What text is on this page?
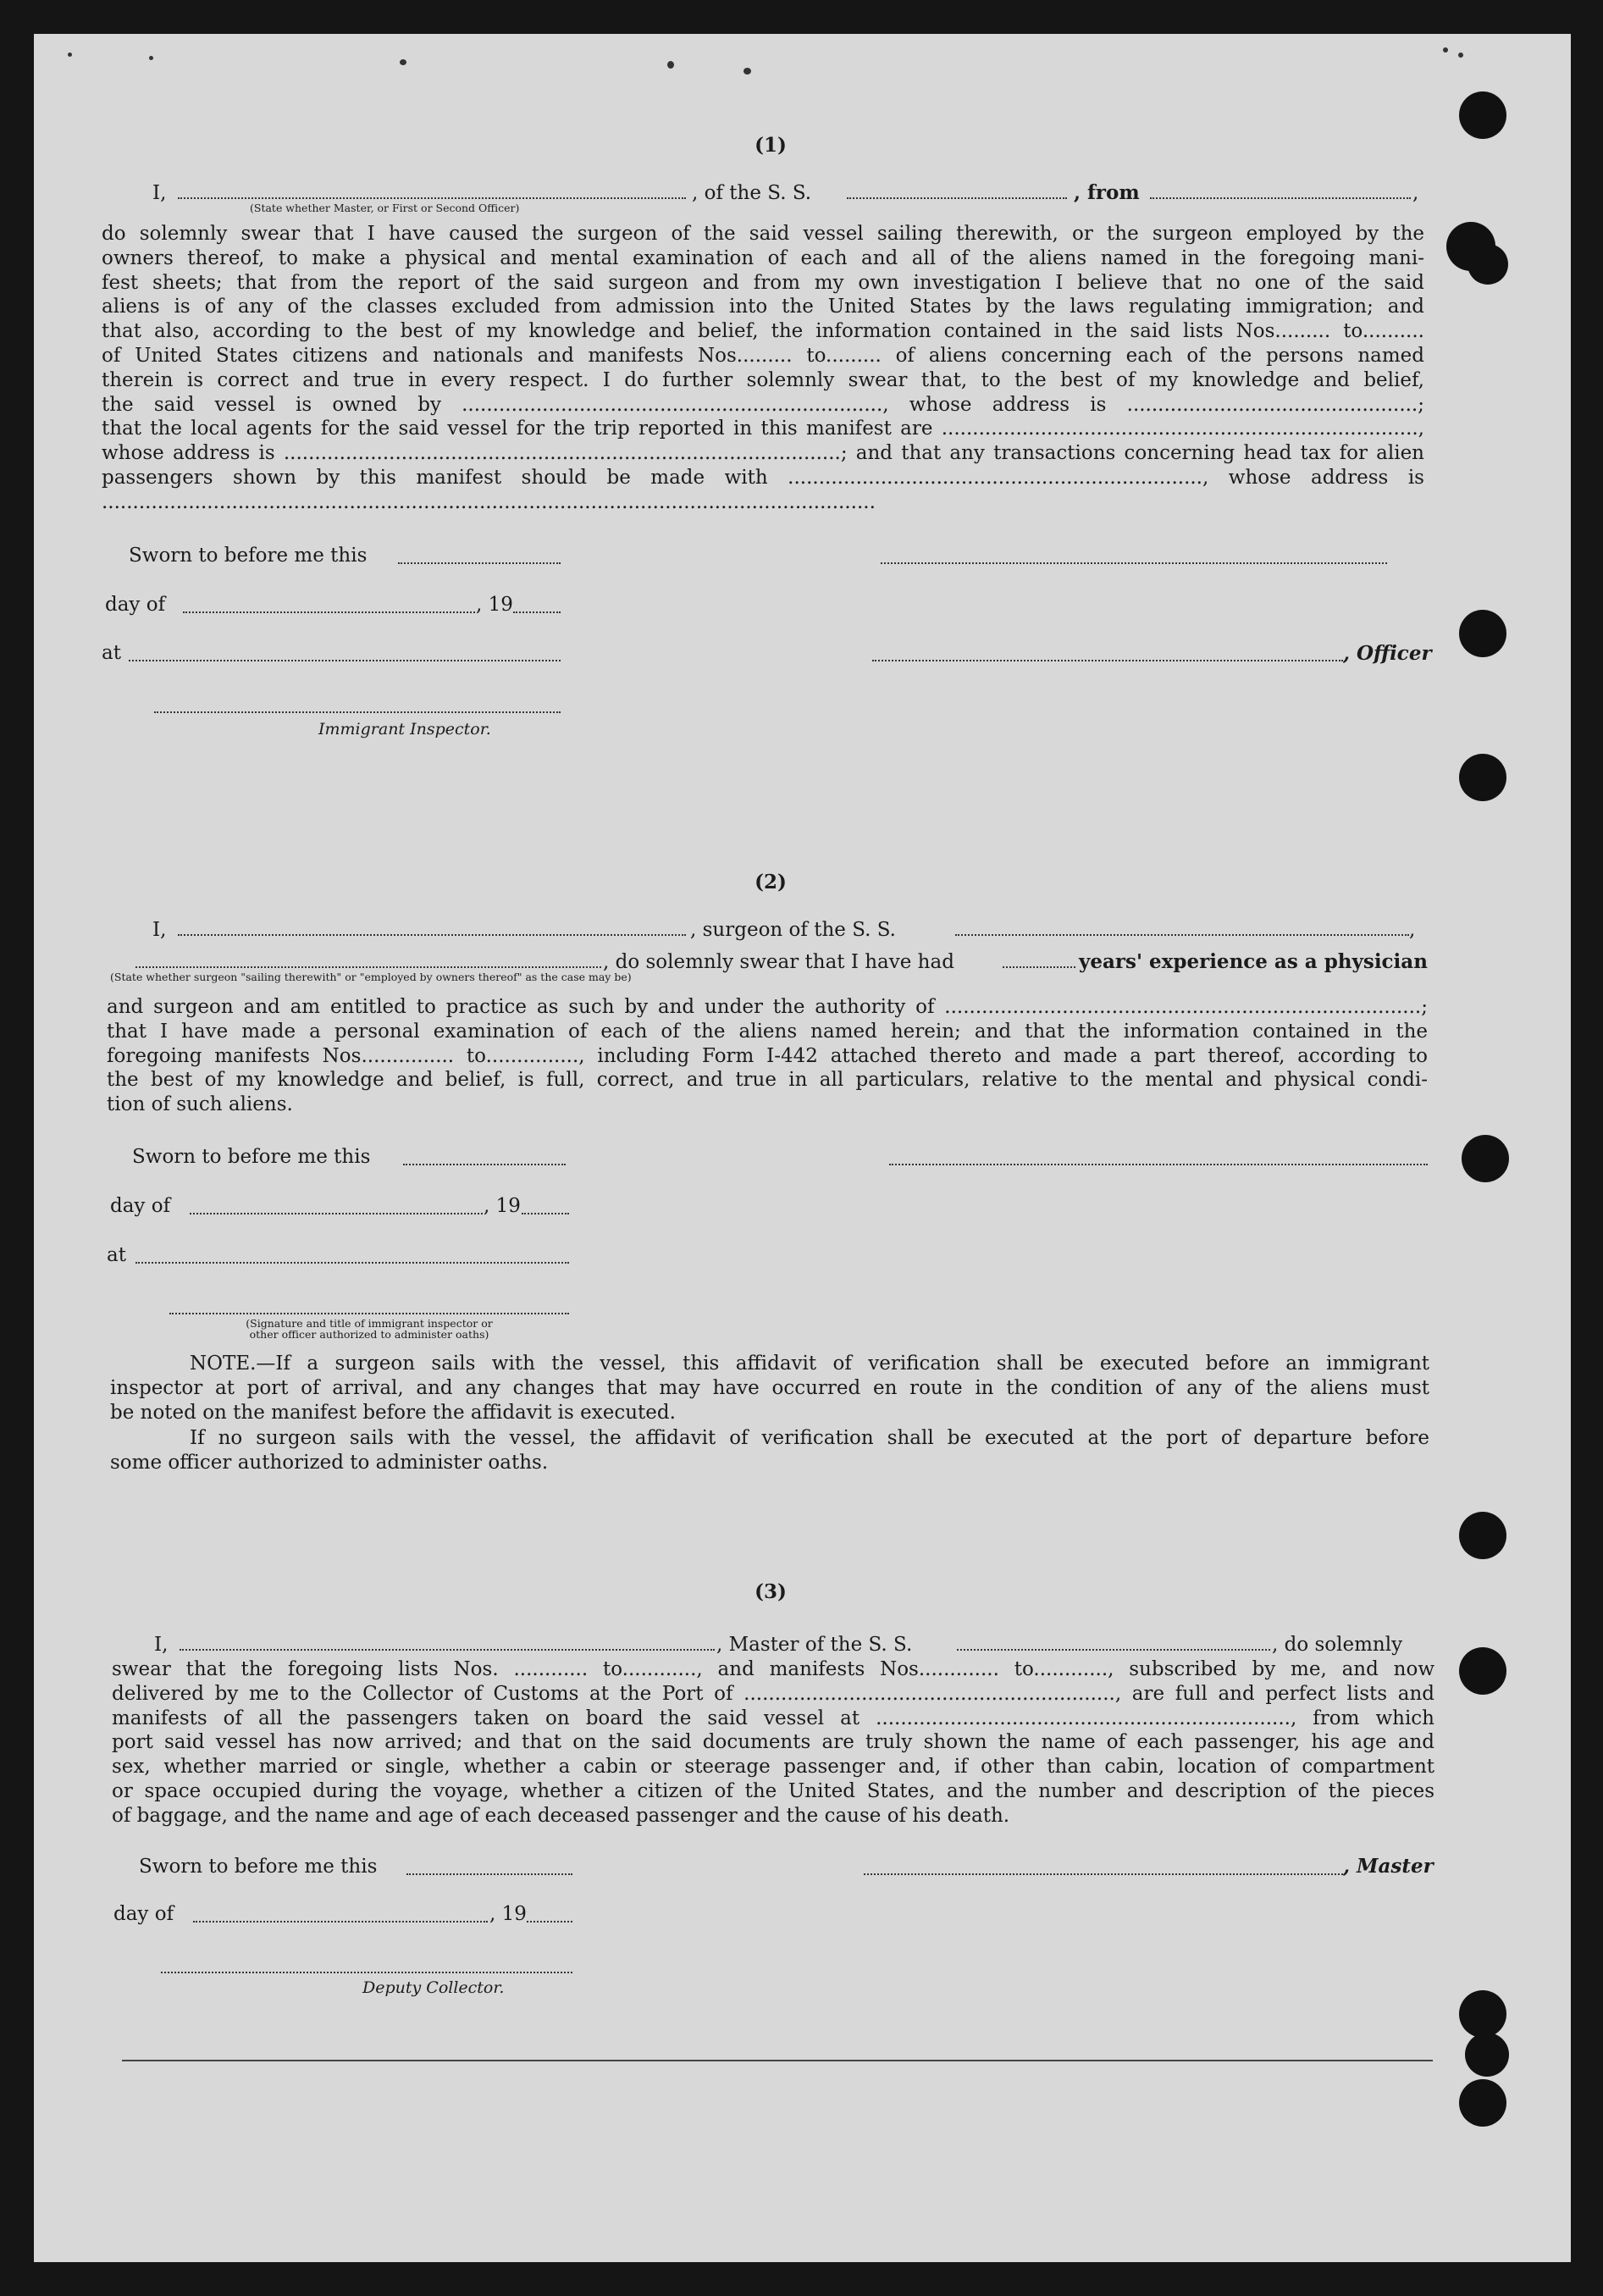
(1)
I,	, of the S. S.	, from	,
(State whether Master, or First or Second Officer)
do solemnly swear that I have caused the surgeon of the said vessel sailing therewith, or the surgeon employed by the
owners thereof, to make a physical and mental examination of each and all of the aliens named in the foregoing mani-
fest sheets; that from the report of the said surgeon and from my own investigation I believe that no one of the said
aliens is of any of the classes excluded from admission into the United States by the laws regulating immigration; and
that also, according to the best of my knowledge and belief, the information contained in the said lists Nos......... to..........
of United States citizens and nationals and manifests Nos......... to......... of aliens concerning each of the persons named
therein is correct and true in every respect. I do further solemnly swear that, to the best of my knowledge and belief,
the said vessel is owned by ...................................................................., whose address is ...............................................;
that the local agents for the said vessel for the trip reported in this manifest are .............................................................................,
whose address is ..........................................................................................; and that any transactions concerning head tax for alien
passengers shown by this manifest should be made with ..................................................................., whose address is
.............................................................................................................................
Sworn to before me this
day of	, 19
at	, Officer
Immigrant Inspector.
(2)
I,	, surgeon of the S. S.	,
, do solemnly swear that I have had	years' experience as a physician
(State whether surgeon "sailing therewith" or "employed by owners thereof" as the case may be)
and surgeon and am entitled to practice as such by and under the authority of .............................................................................;
that I have made a personal examination of each of the aliens named herein; and that the information contained in the
foregoing manifests Nos............... to..............., including Form I-442 attached thereto and made a part thereof, according to
the best of my knowledge and belief, is full, correct, and true in all particulars, relative to the mental and physical condi-
tion of such aliens.
Sworn to before me this
day of	, 19
at
(Signature and title of immigrant inspector or
other officer authorized to administer oaths)
NOTE.—If a surgeon sails with the vessel, this affidavit of verification shall be executed before an immigrant
inspector at port of arrival, and any changes that may have occurred en route in the condition of any of the aliens must
be noted on the manifest before the affidavit is executed.
If no surgeon sails with the vessel, the affidavit of verification shall be executed at the port of departure before
some officer authorized to administer oaths.
(3)
I,	, Master of the S. S.	, do solemnly
swear that the foregoing lists Nos. ............ to............, and manifests Nos............. to............, subscribed by me, and now
delivered by me to the Collector of Customs at the Port of ............................................................, are full and perfect lists and
manifests of all the passengers taken on board the said vessel at ..................................................................., from which
port said vessel has now arrived; and that on the said documents are truly shown the name of each passenger, his age and
sex, whether married or single, whether a cabin or steerage passenger and, if other than cabin, location of compartment
or space occupied during the voyage, whether a citizen of the United States, and the number and description of the pieces
of baggage, and the name and age of each deceased passenger and the cause of his death.
Sworn to before me this	, Master
day of	, 19
Deputy Collector.
